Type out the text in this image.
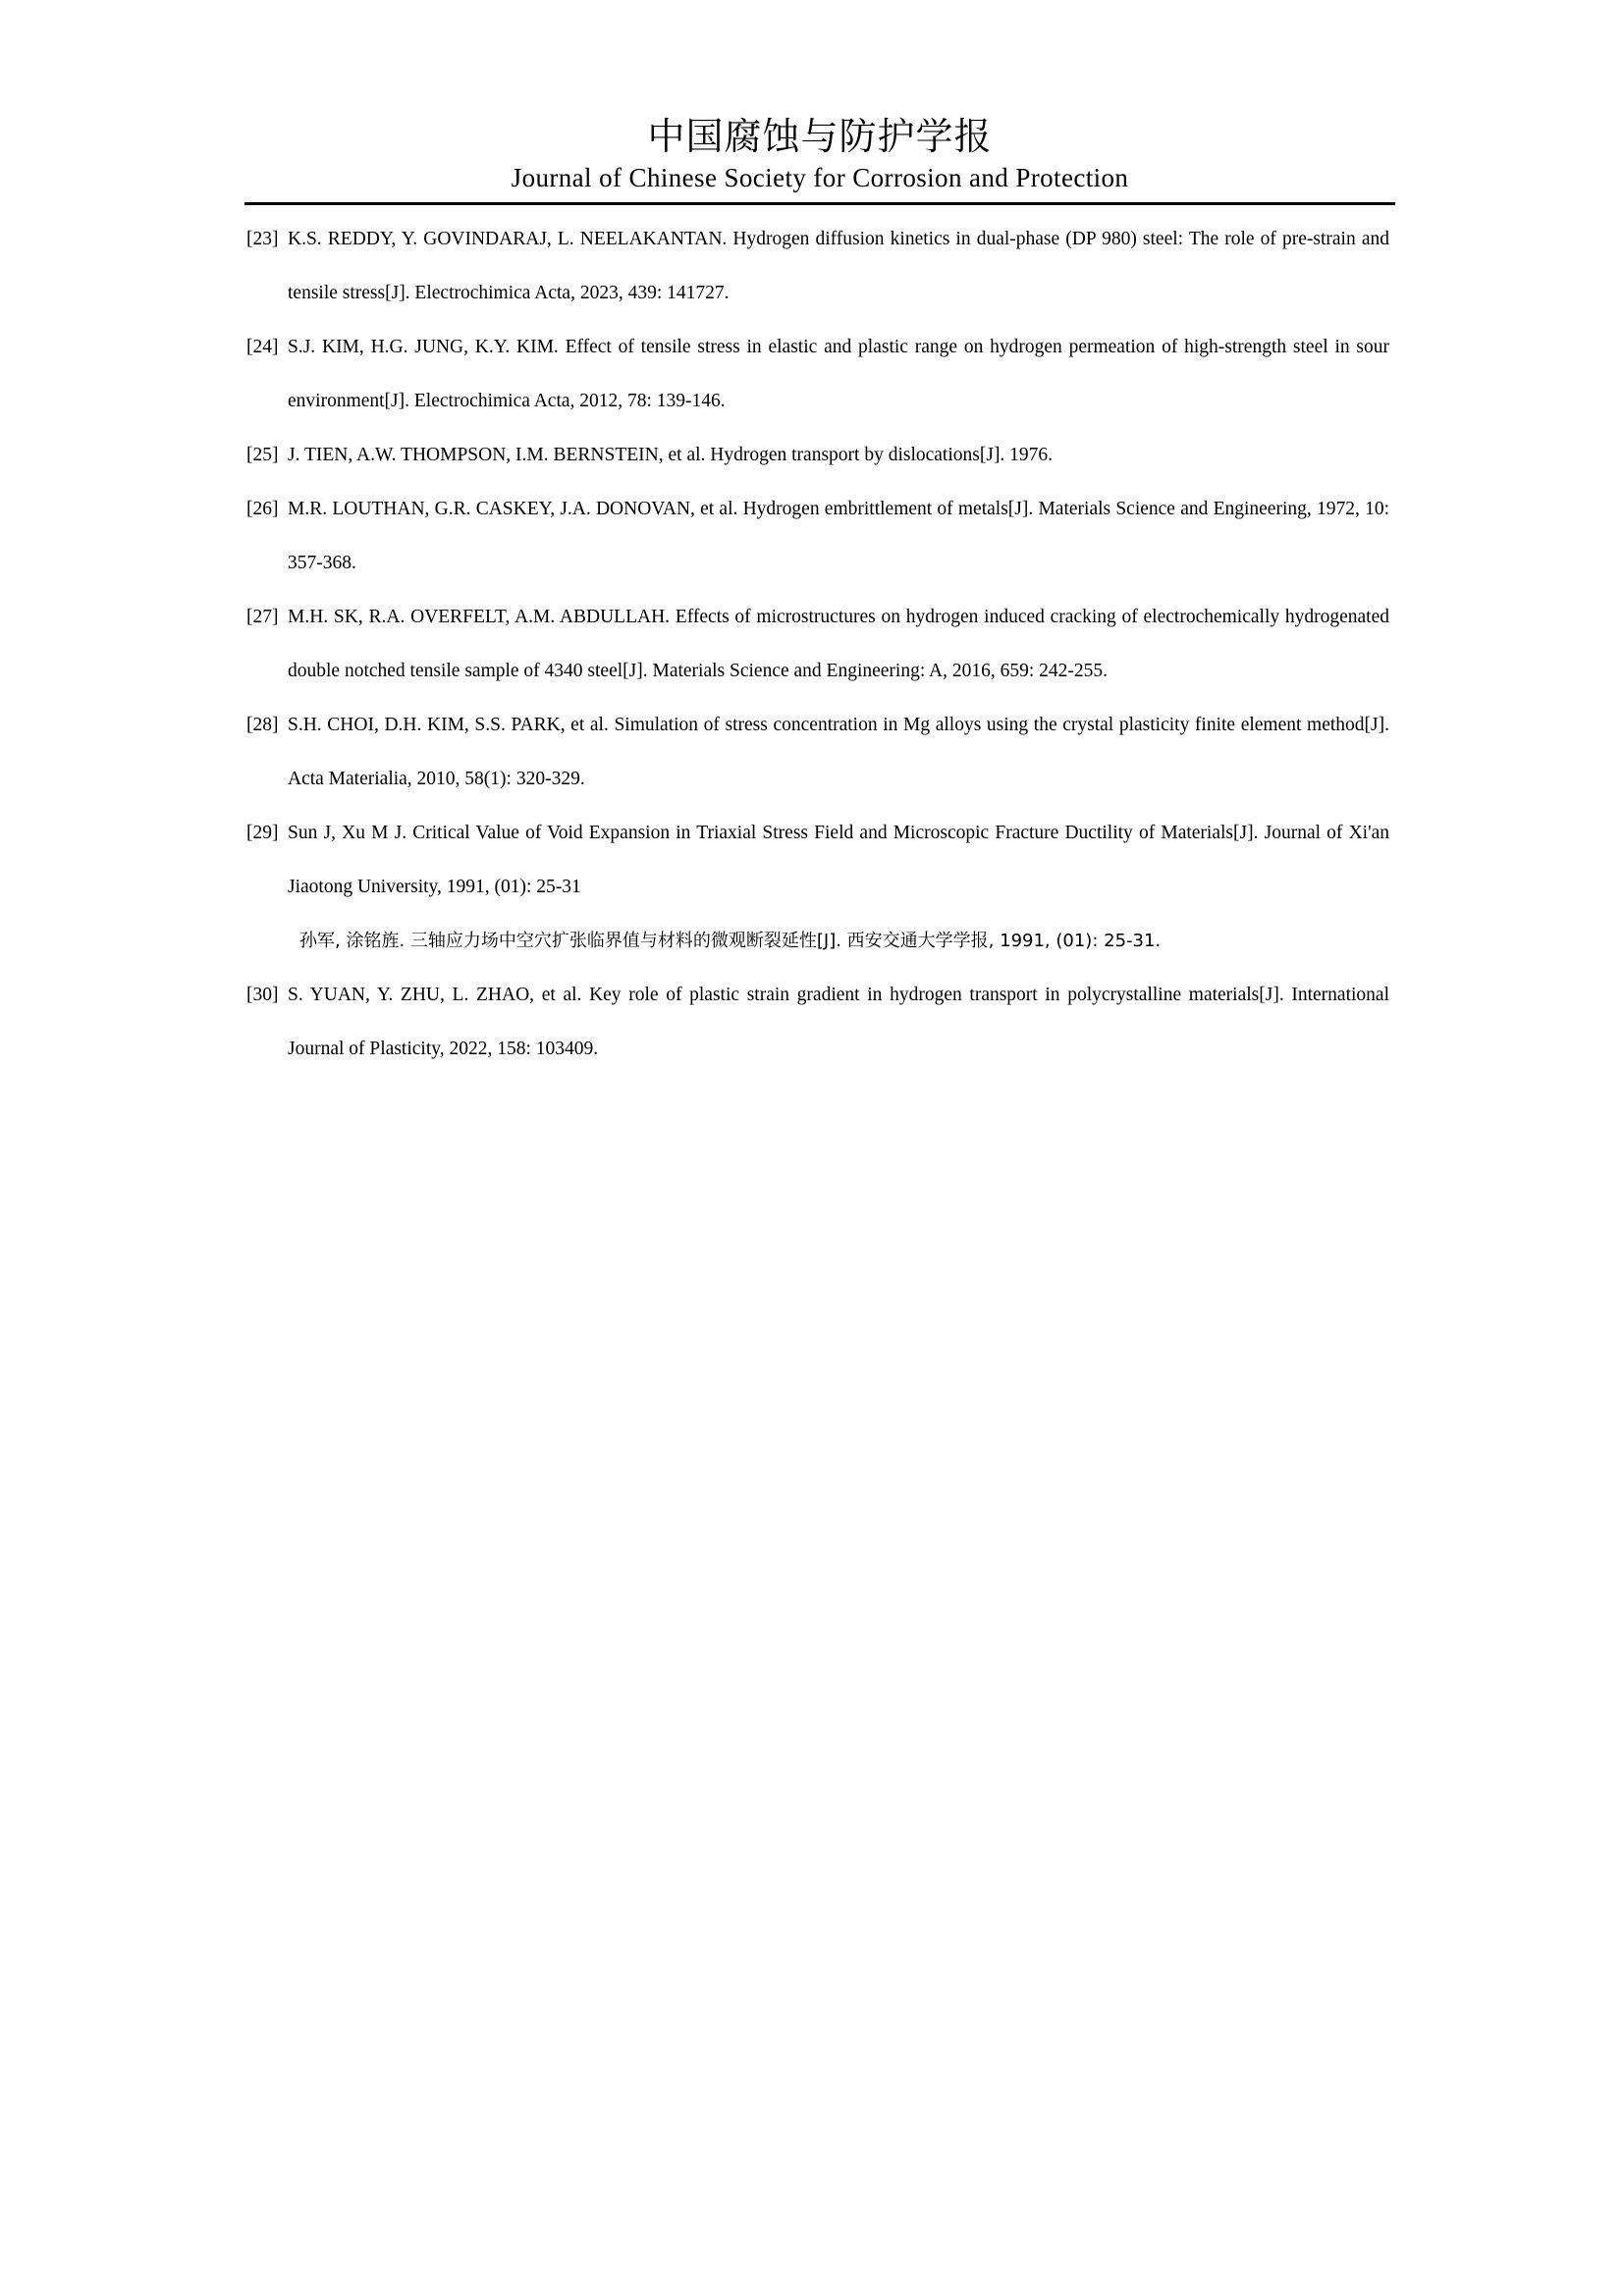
中国腐蚀与防护学报
Journal of Chinese Society for Corrosion and Protection
[23] K.S. REDDY, Y. GOVINDARAJ, L. NEELAKANTAN. Hydrogen diffusion kinetics in dual-phase (DP 980) steel: The role of pre-strain and tensile stress[J]. Electrochimica Acta, 2023, 439: 141727.
[24] S.J. KIM, H.G. JUNG, K.Y. KIM. Effect of tensile stress in elastic and plastic range on hydrogen permeation of high-strength steel in sour environment[J]. Electrochimica Acta, 2012, 78: 139-146.
[25] J. TIEN, A.W. THOMPSON, I.M. BERNSTEIN, et al. Hydrogen transport by dislocations[J]. 1976.
[26] M.R. LOUTHAN, G.R. CASKEY, J.A. DONOVAN, et al. Hydrogen embrittlement of metals[J]. Materials Science and Engineering, 1972, 10: 357-368.
[27] M.H. SK, R.A. OVERFELT, A.M. ABDULLAH. Effects of microstructures on hydrogen induced cracking of electrochemically hydrogenated double notched tensile sample of 4340 steel[J]. Materials Science and Engineering: A, 2016, 659: 242-255.
[28] S.H. CHOI, D.H. KIM, S.S. PARK, et al. Simulation of stress concentration in Mg alloys using the crystal plasticity finite element method[J]. Acta Materialia, 2010, 58(1): 320-329.
[29] Sun J, Xu M J. Critical Value of Void Expansion in Triaxial Stress Field and Microscopic Fracture Ductility of Materials[J]. Journal of Xi'an Jiaotong University, 1991, (01): 25-31
孙军, 涂铭旌. 三轴应力场中空穴扩张临界值与材料的微观断裂延性[J]. 西安交通大学学报, 1991, (01): 25-31.
[30] S. YUAN, Y. ZHU, L. ZHAO, et al. Key role of plastic strain gradient in hydrogen transport in polycrystalline materials[J]. International Journal of Plasticity, 2022, 158: 103409.
